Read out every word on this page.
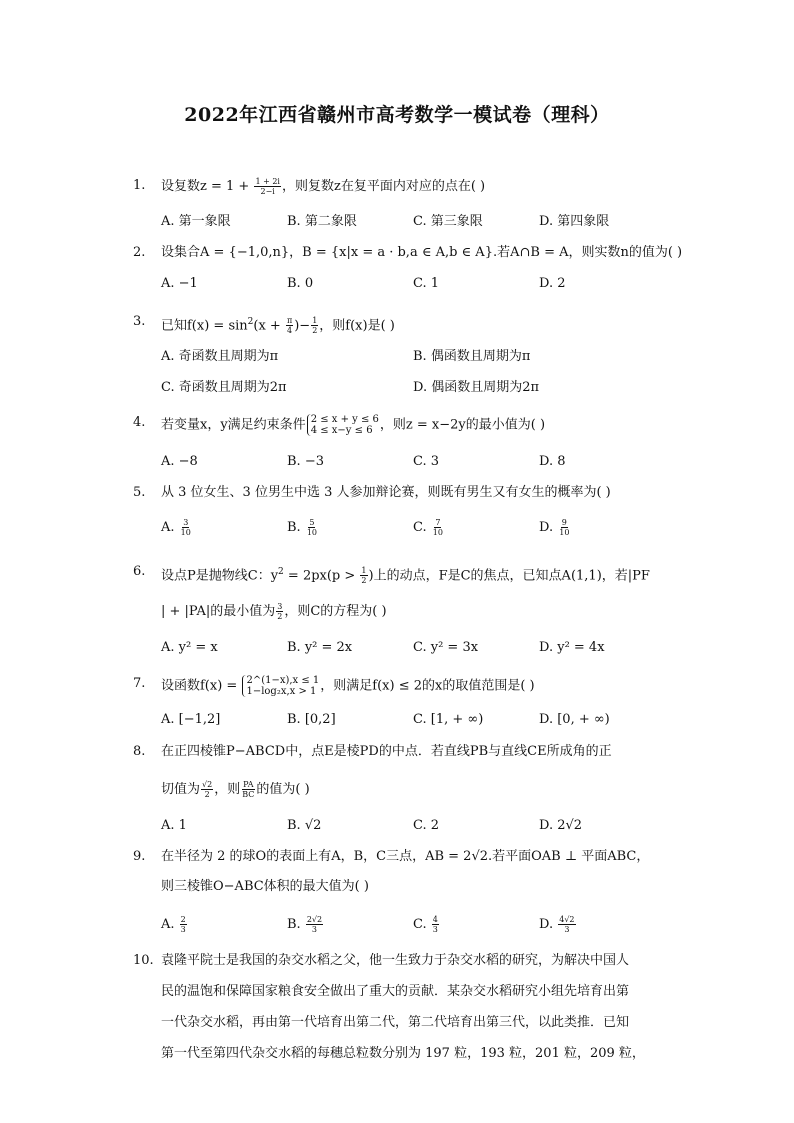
2022年江西省赣州市高考数学一模试卷（理科）
1. 设复数$z = 1 + \frac{1 + 2i}{2-i}$ ，则复数z在复平面内对应的点在( )
A. 第一象限	B. 第二象限	C. 第三象限	D. 第四象限
2. 设集合A = {−1,0,n}，B = {x|x = a · b,a ∈ A,b ∈ A}.若A∩B = A，则实数n的值为( )
A. −1	B. 0	C. 1	D. 2
3. 已知$f(x) = \sin^2(x + \frac{\pi}{4}$ )− $\frac{1}{2}$ ，则f(x)是( )
A. 奇函数且周期为π	B. 偶函数且周期为π
C. 奇函数且周期为2π	D. 偶函数且周期为2π
4. 若变量x，y满足约束条件 2 ≤ x + y ≤ 6
4 ≤ x−y ≤ 6 ，则z = x−2y的最小值为( )
A. −8	B. −3	C. 3	D. 8
5. 从 3 位女生、3 位男生中选 3 人参加辩论赛，则既有男生又有女生的概率为( )
A. $\frac{3}{10}$	B. $\frac{5}{10}$	C. $\frac{7}{10}$	D. $\frac{9}{10}$
6. 设点P是抛物线C：$y^2 = 2px(p > \frac{1}{2}$ )上的动点，F是C的焦点，已知点A(1,1)，若|PF
| + |PA|的最小值为 $\frac{3}{2}$ ，则C的方程为( )
A. y² = x	B. y² = 2x	C. y² = 3x	D. y² = 4x
7. 设函数f(x) = 2^(1−x),x ≤ 1
1−log₂x,x > 1 ，则满足f(x) ≤ 2的x的取值范围是( )
A. [−1,2]	B. [0,2]	C. [1, + ∞)	D. [0, + ∞)
8. 在正四棱锥P−ABCD中，点E是棱PD的中点．若直线PB与直线CE所成角的正
切值为 $\frac{√2}{2}$ ，则 $\frac{PA}{BC}$ 的值为( )
A. 1	B. √2	C. 2	D. 2√2
9. 在半径为 2 的球O的表面上有A，B，C三点，AB = 2√2.若平面OAB ⊥ 平面ABC，
则三棱锥O−ABC体积的最大值为( )
A. $\frac{2}{3}$	B. $\frac{2√2}{3}$	C. $\frac{4}{3}$	D. $\frac{4√2}{3}$
10. 袁隆平院士是我国的杂交水稻之父，他一生致力于杂交水稻的研究，为解决中国人
民的温饱和保障国家粮食安全做出了重大的贡献．某杂交水稻研究小组先培育出第
一代杂交水稻，再由第一代培育出第二代，第二代培育出第三代，以此类推．已知
第一代至第四代杂交水稻的每穗总粒数分别为 197 粒，193 粒，201 粒，209 粒，
